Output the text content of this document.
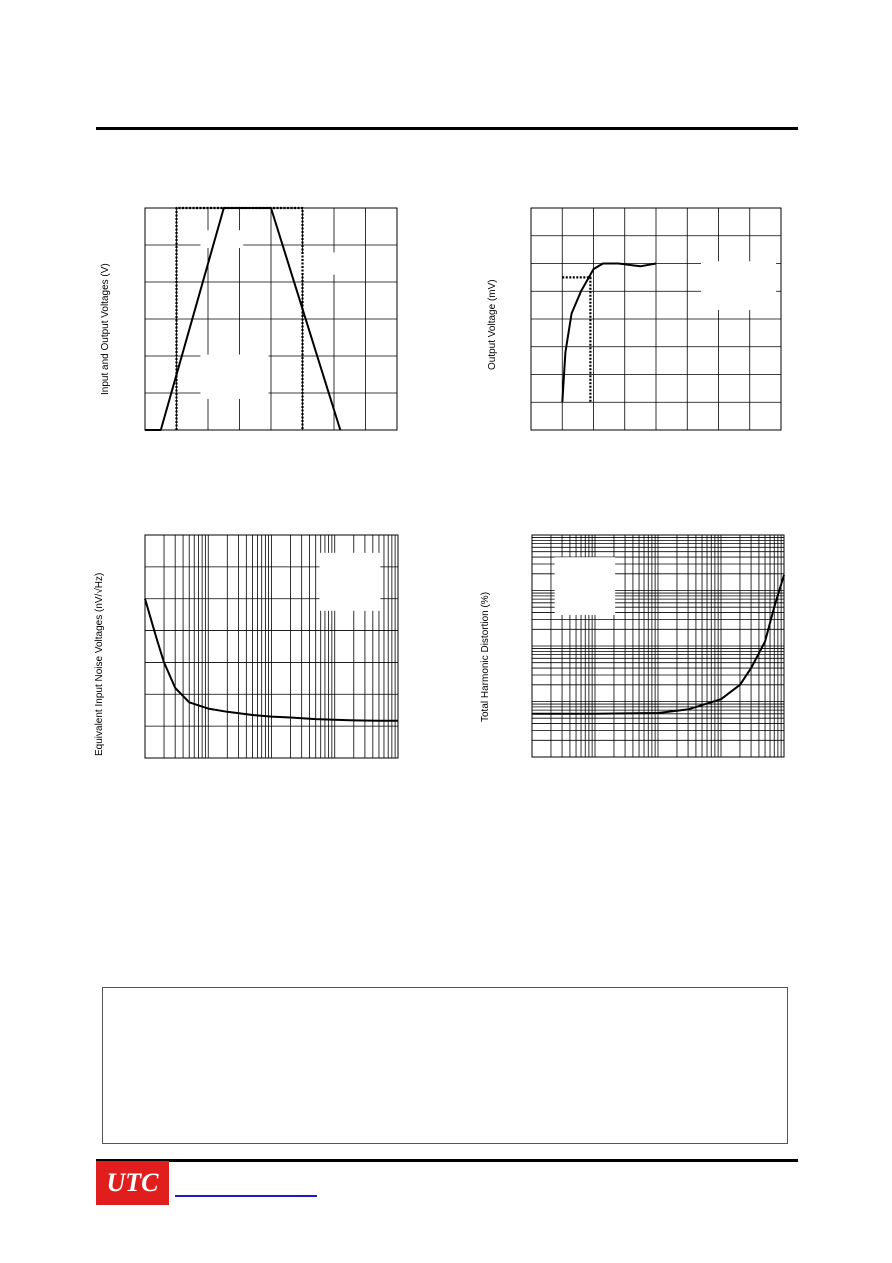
Input and Output Voltages (V)	Output Voltage (mV)
Equivalent Input Noise Voltages (nV/√Hz)	Total Harmonic Distortion (%)
UTC
